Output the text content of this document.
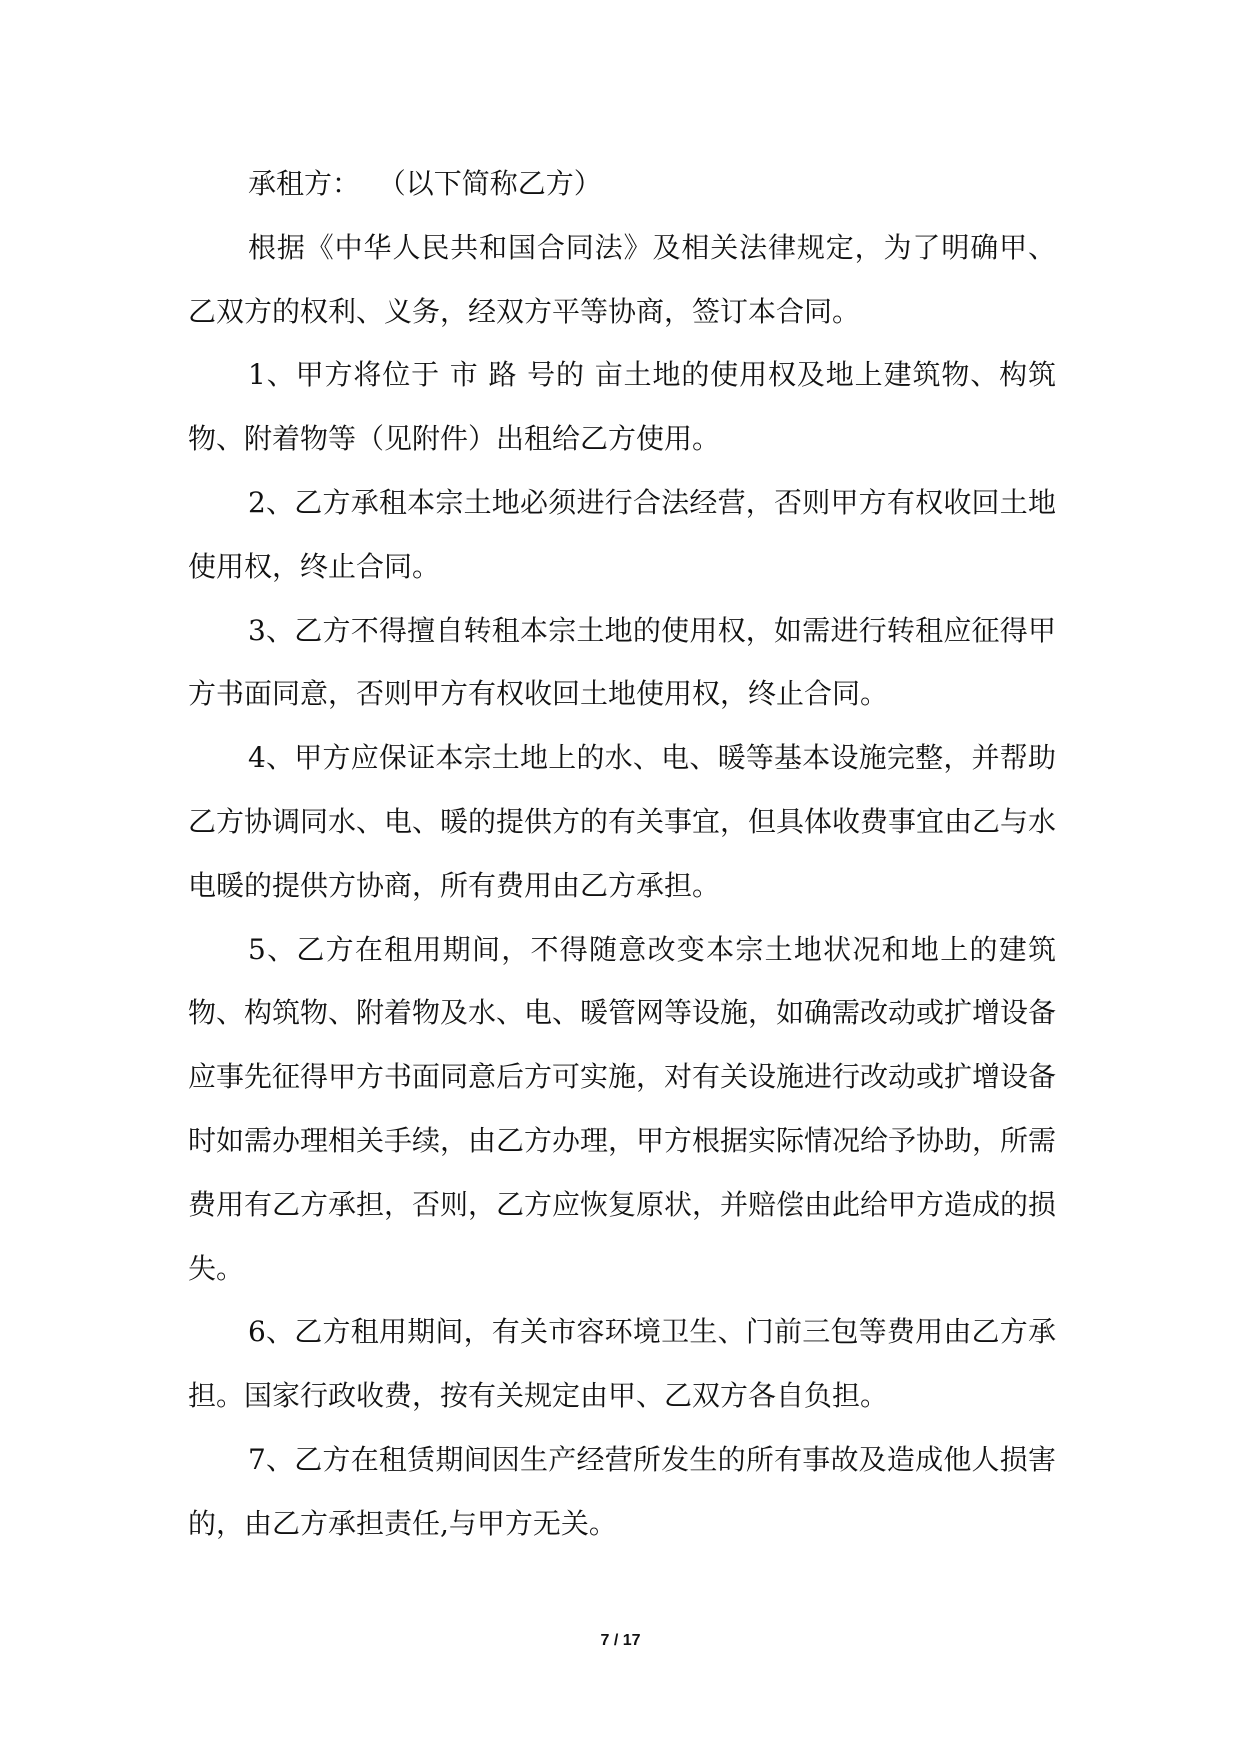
承租方：  （以下简称乙方）

根据《中华人民共和国合同法》及相关法律规定，为了明确甲、乙双方的权利、义务，经双方平等协商，签订本合同。

1、甲方将位于 市 路 号的 亩土地的使用权及地上建筑物、构筑物、附着物等（见附件）出租给乙方使用。

2、乙方承租本宗土地必须进行合法经营，否则甲方有权收回土地使用权，终止合同。

3、乙方不得擅自转租本宗土地的使用权，如需进行转租应征得甲方书面同意，否则甲方有权收回土地使用权，终止合同。

4、甲方应保证本宗土地上的水、电、暖等基本设施完整，并帮助乙方协调同水、电、暖的提供方的有关事宜，但具体收费事宜由乙与水电暖的提供方协商，所有费用由乙方承担。

5、乙方在租用期间，不得随意改变本宗土地状况和地上的建筑物、构筑物、附着物及水、电、暖管网等设施，如确需改动或扩增设备应事先征得甲方书面同意后方可实施，对有关设施进行改动或扩增设备时如需办理相关手续，由乙方办理，甲方根据实际情况给予协助，所需费用有乙方承担，否则，乙方应恢复原状，并赔偿由此给甲方造成的损失。

6、乙方租用期间，有关市容环境卫生、门前三包等费用由乙方承担。国家行政收费，按有关规定由甲、乙双方各自负担。

7、乙方在租赁期间因生产经营所发生的所有事故及造成他人损害的，由乙方承担责任,与甲方无关。

7 / 17
